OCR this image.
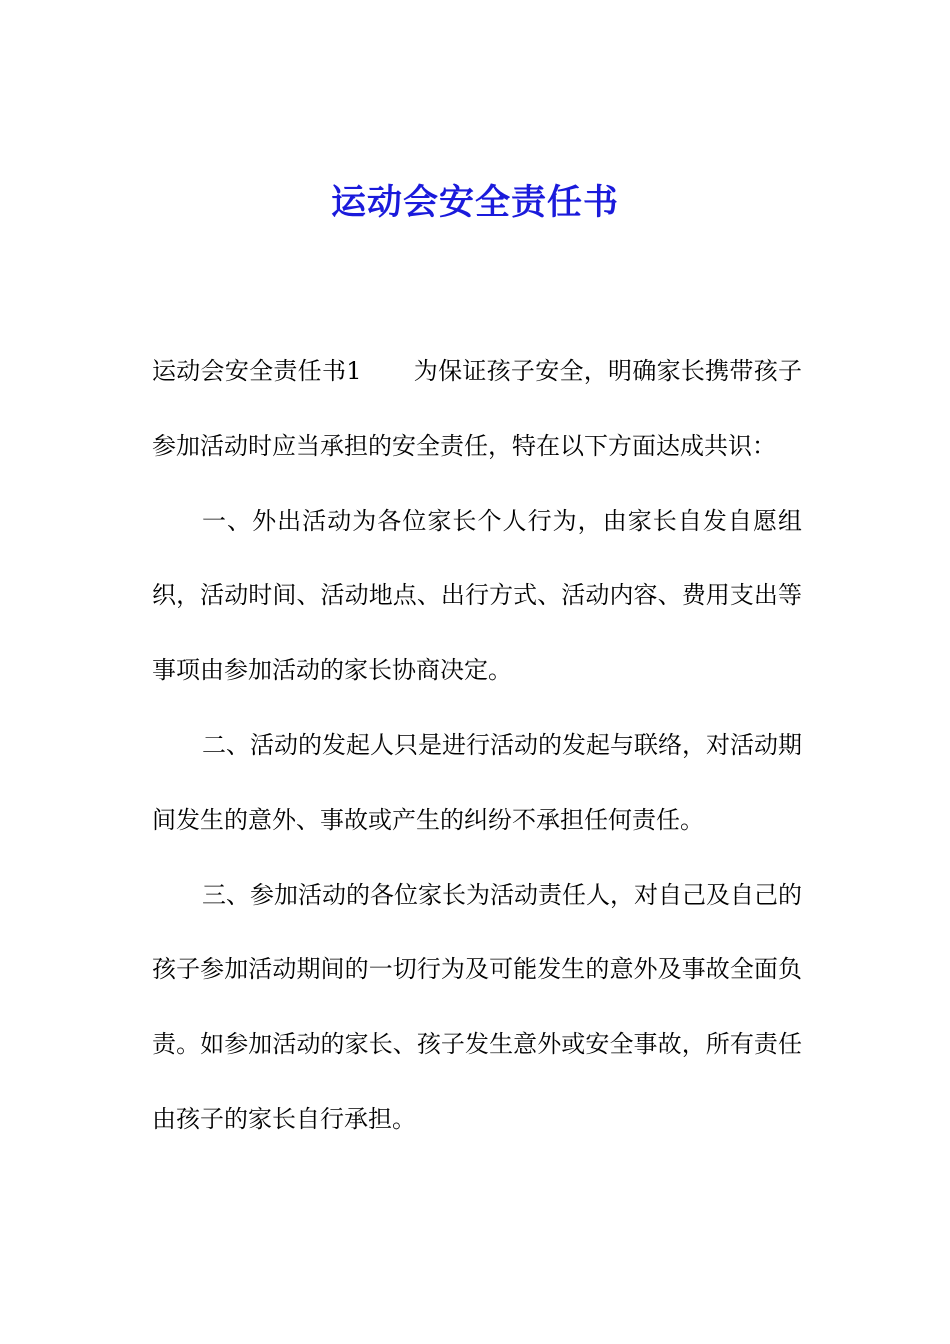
运动会安全责任书

运动会安全责任书1 为保证孩子安全，明确家长携带孩子参加活动时应当承担的安全责任，特在以下方面达成共识：

一、外出活动为各位家长个人行为，由家长自发自愿组织，活动时间、活动地点、出行方式、活动内容、费用支出等事项由参加活动的家长协商决定。

二、活动的发起人只是进行活动的发起与联络，对活动期间发生的意外、事故或产生的纠纷不承担任何责任。

三、参加活动的各位家长为活动责任人，对自己及自己的孩子参加活动期间的一切行为及可能发生的意外及事故全面负责。如参加活动的家长、孩子发生意外或安全事故，所有责任由孩子的家长自行承担。
